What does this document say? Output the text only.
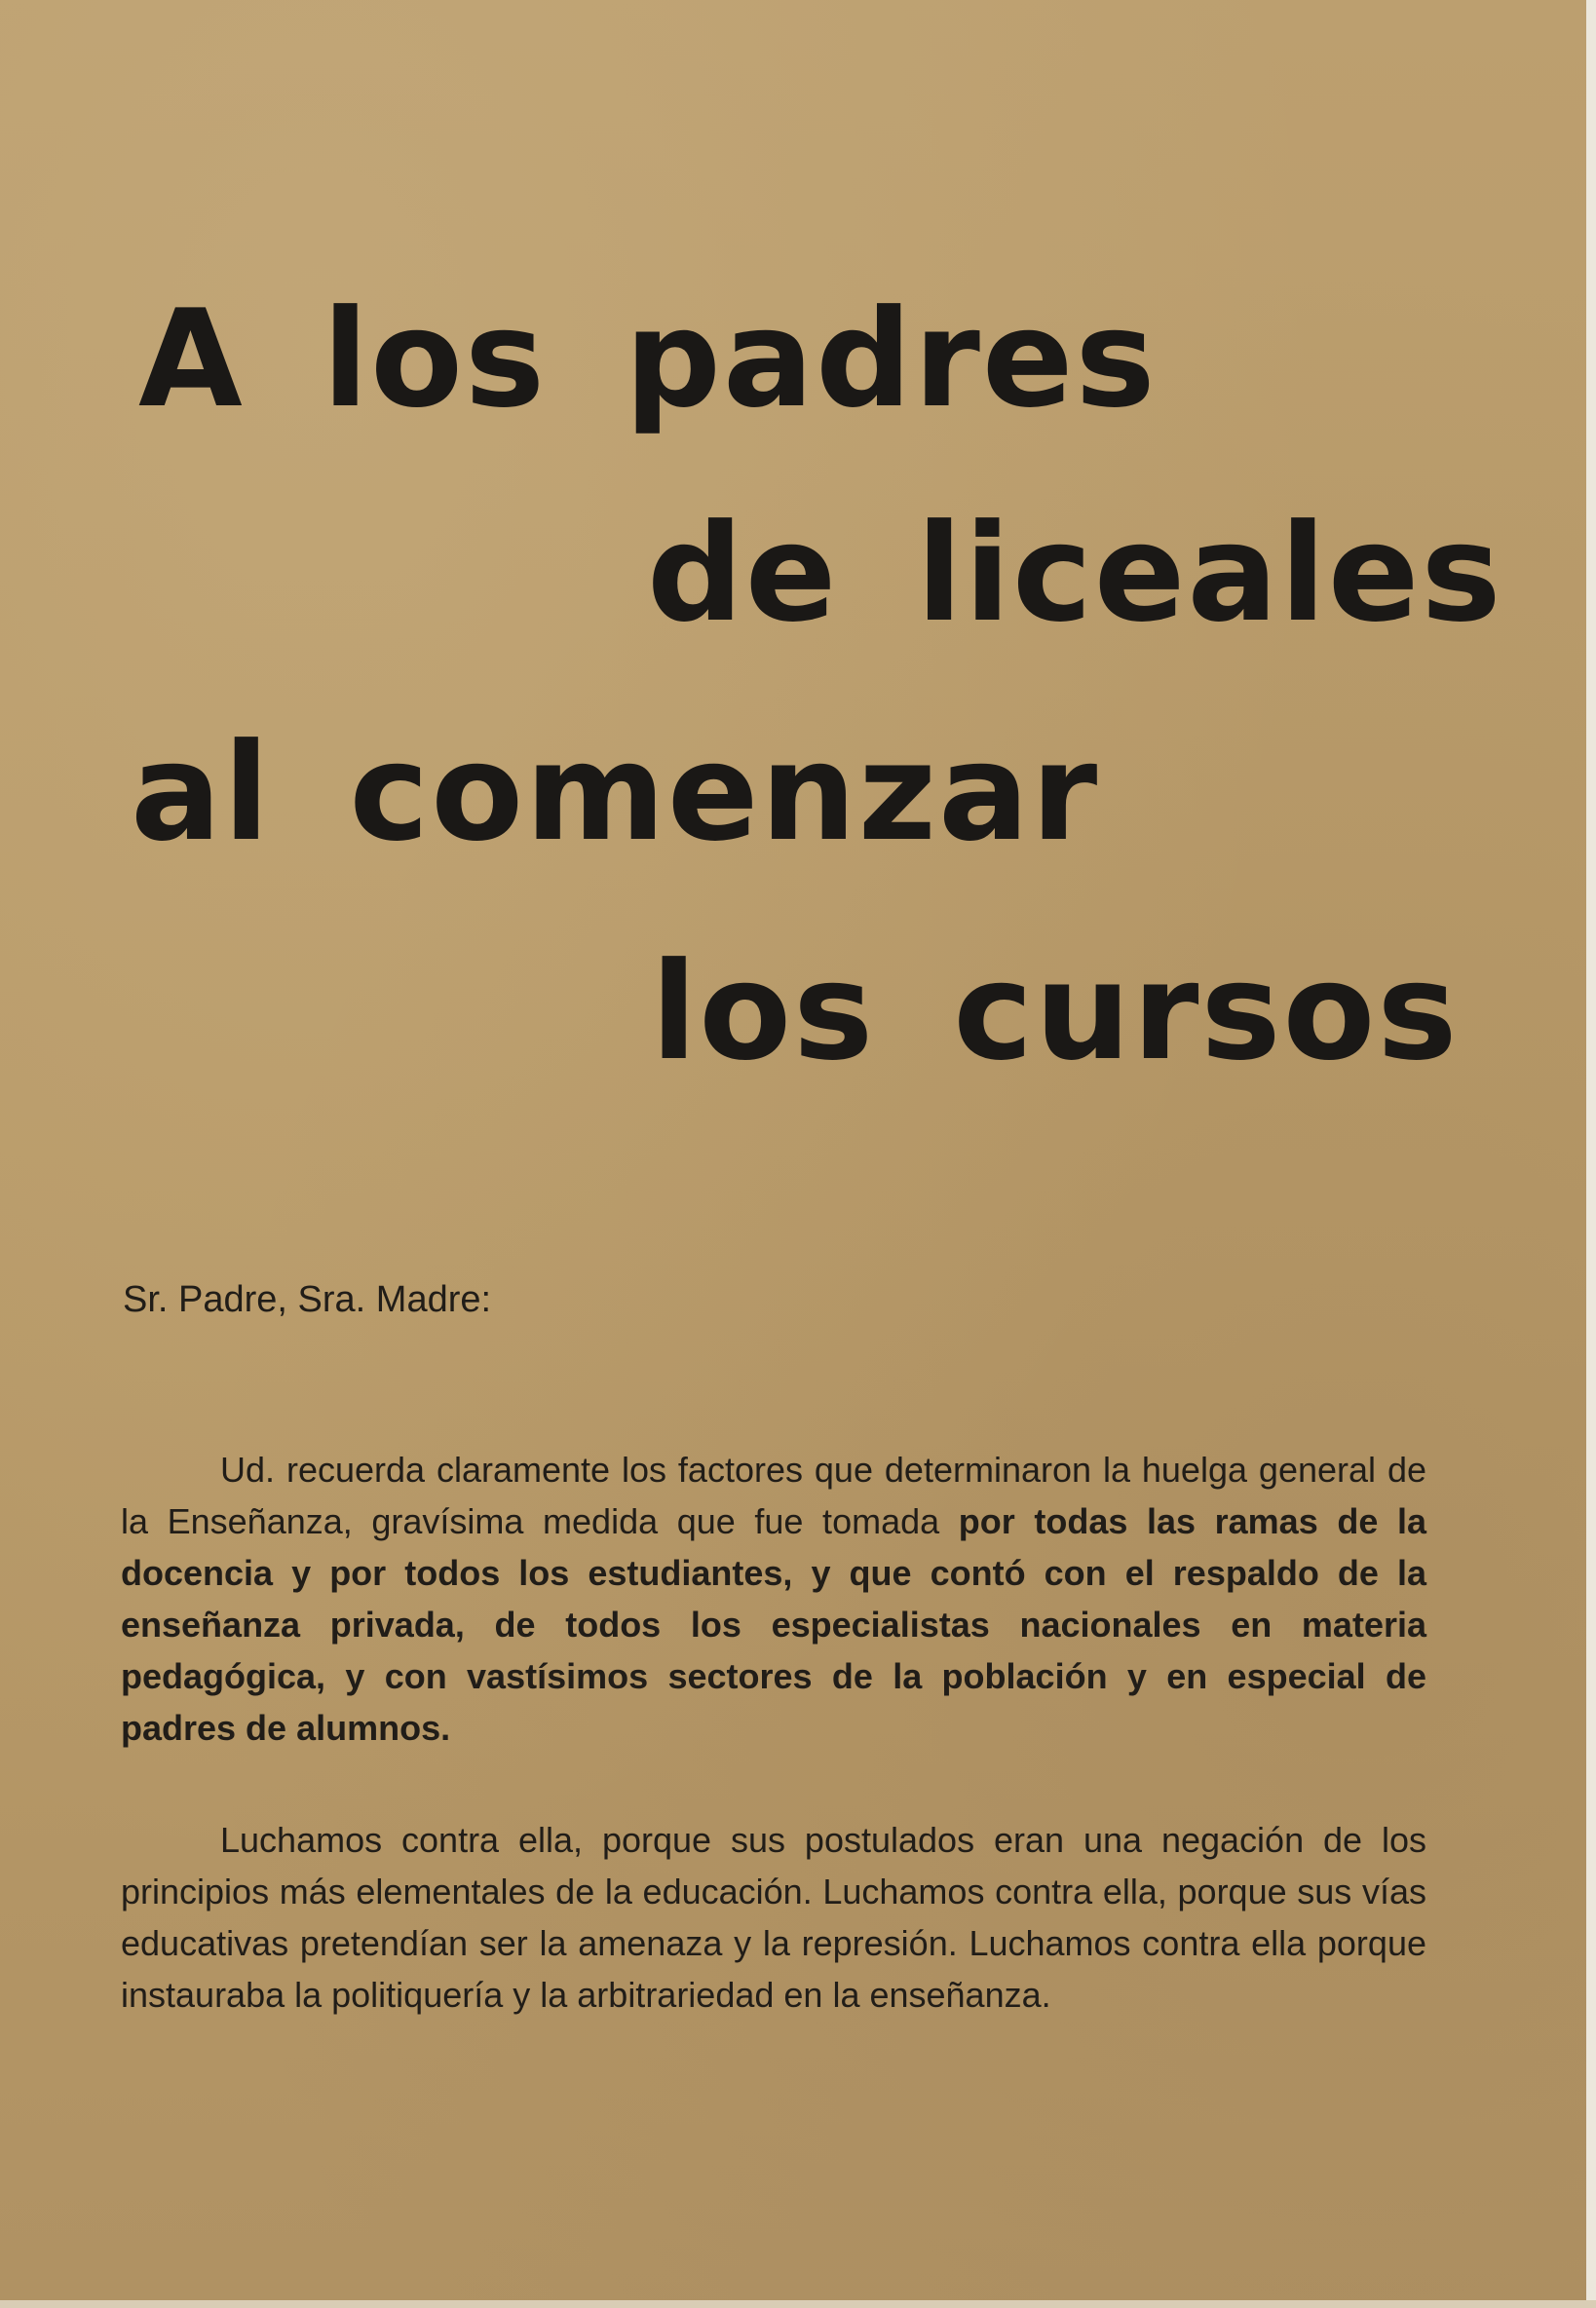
A los padres
de liceales
al comenzar
los cursos
Sr. Padre, Sra. Madre:

Ud. recuerda claramente los factores que determinaron la huelga general de la Enseñanza, gravísima medida que fue tomada por todas las ramas de la docencia y por todos los estudiantes, y que contó con el respaldo de la enseñanza privada, de todos los especialistas nacionales en materia pedagógica, y con vastísimos sectores de la población y en especial de padres de alumnos.

Luchamos contra ella, porque sus postulados eran una negación de los principios más elementales de la educación. Luchamos contra ella, porque sus vías educativas pretendían ser la amenaza y la represión. Luchamos contra ella porque instauraba la politiquería y la arbitrariedad en la enseñanza.
